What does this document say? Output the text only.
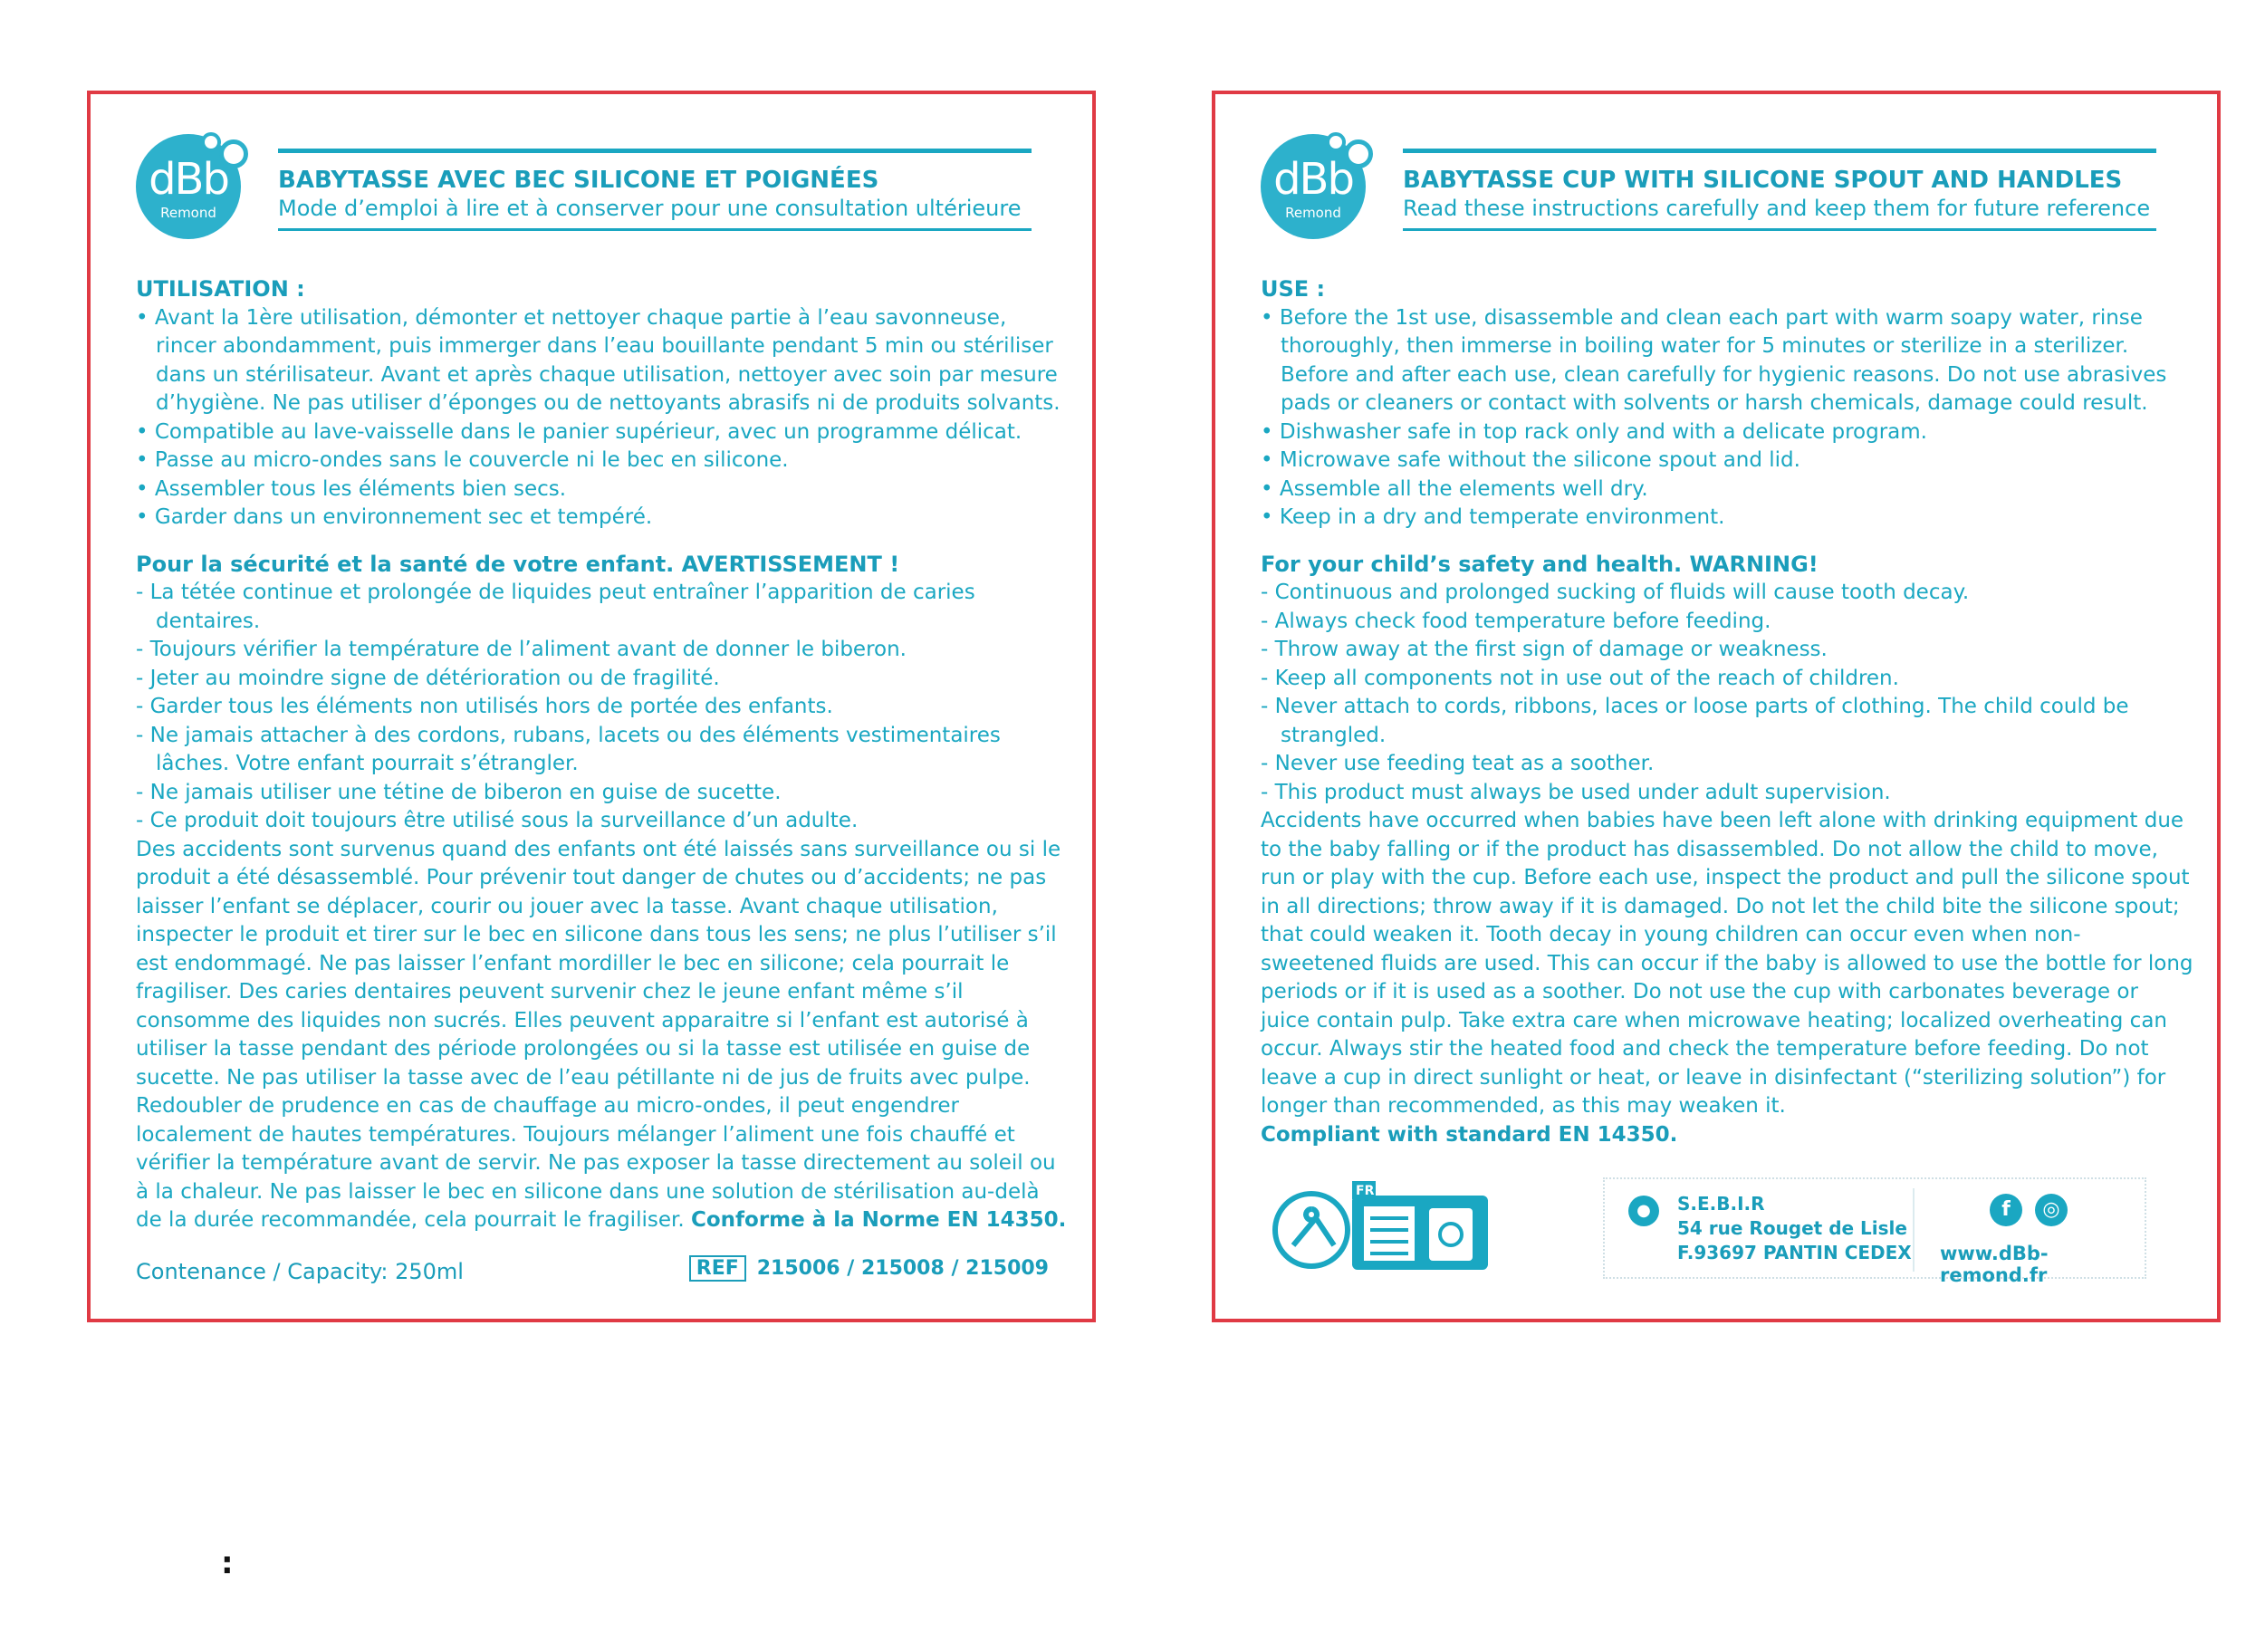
dBb
Remond
BABYTASSE AVEC BEC SILICONE ET POIGNÉES
Mode d’emploi à lire et à conserver pour une consultation ultérieure
UTILISATION :
• Avant la 1ère utilisation, démonter et nettoyer chaque partie à l’eau savonneuse, rincer abondamment, puis immerger dans l’eau bouillante pendant 5 min ou stériliser dans un stérilisateur. Avant et après chaque utilisation, nettoyer avec soin par mesure d’hygiène. Ne pas utiliser d’éponges ou de nettoyants abrasifs ni de produits solvants.
• Compatible au lave-vaisselle dans le panier supérieur, avec un programme délicat.
• Passe au micro-ondes sans le couvercle ni le bec en silicone.
• Assembler tous les éléments bien secs.
• Garder dans un environnement sec et tempéré.
Pour la sécurité et la santé de votre enfant. AVERTISSEMENT !
- La tétée continue et prolongée de liquides peut entraîner l’apparition de caries dentaires.
- Toujours vérifier la température de l’aliment avant de donner le biberon.
- Jeter au moindre signe de détérioration ou de fragilité.
- Garder tous les éléments non utilisés hors de portée des enfants.
- Ne jamais attacher à des cordons, rubans, lacets ou des éléments vestimentaires lâches. Votre enfant pourrait s’étrangler.
- Ne jamais utiliser une tétine de biberon en guise de sucette.
- Ce produit doit toujours être utilisé sous la surveillance d’un adulte.

Des accidents sont survenus quand des enfants ont été laissés sans surveillance ou si le produit a été désassemblé. Pour prévenir tout danger de chutes ou d’accidents; ne pas laisser l’enfant se déplacer, courir ou jouer avec la tasse. Avant chaque utilisation, inspecter le produit et tirer sur le bec en silicone dans tous les sens; ne plus l’utiliser s’il est endommagé. Ne pas laisser l’enfant mordiller le bec en silicone; cela pourrait le fragiliser. Des caries dentaires peuvent survenir chez le jeune enfant même s’il consomme des liquides non sucrés. Elles peuvent apparaitre si l’enfant est autorisé à utiliser la tasse pendant des période prolongées ou si la tasse est utilisée en guise de sucette. Ne pas utiliser la tasse avec de l’eau pétillante ni de jus de fruits avec pulpe. Redoubler de prudence en cas de chauffage au micro-ondes, il peut engendrer localement de hautes températures. Toujours mélanger l’aliment une fois chauffé et vérifier la température avant de servir. Ne pas exposer la tasse directement au soleil ou à la chaleur. Ne pas laisser le bec en silicone dans une solution de stérilisation au-delà de la durée recommandée, cela pourrait le fragiliser. Conforme à la Norme EN 14350.

Contenance / Capacity: 250ml	REF 215006 / 215008 / 215009
dBb
Remond
BABYTASSE CUP WITH SILICONE SPOUT AND HANDLES
Read these instructions carefully and keep them for future reference
USE :
• Before the 1st use, disassemble and clean each part with warm soapy water, rinse thoroughly, then immerse in boiling water for 5 minutes or sterilize in a sterilizer. Before and after each use, clean carefully for hygienic reasons. Do not use abrasives pads or cleaners or contact with solvents or harsh chemicals, damage could result.
• Dishwasher safe in top rack only and with a delicate program.
• Microwave safe without the silicone spout and lid.
• Assemble all the elements well dry.
• Keep in a dry and temperate environment.
For your child’s safety and health. WARNING!
- Continuous and prolonged sucking of fluids will cause tooth decay.
- Always check food temperature before feeding.
- Throw away at the first sign of damage or weakness.
- Keep all components not in use out of the reach of children.
- Never attach to cords, ribbons, laces or loose parts of clothing. The child could be strangled.
- Never use feeding teat as a soother.
- This product must always be used under adult supervision.

Accidents have occurred when babies have been left alone with drinking equipment due to the baby falling or if the product has disassembled. Do not allow the child to move, run or play with the cup. Before each use, inspect the product and pull the silicone spout in all directions; throw away if it is damaged. Do not let the child bite the silicone spout; that could weaken it. Tooth decay in young children can occur even when non-sweetened fluids are used. This can occur if the baby is allowed to use the bottle for long periods or if it is used as a soother. Do not use the cup with carbonates beverage or juice contain pulp. Take extra care when microwave heating; localized overheating can occur. Always stir the heated food and check the temperature before feeding. Do not leave a cup in direct sunlight or heat, or leave in disinfectant (“sterilizing solution”) for longer than recommended, as this may weaken it.

Compliant with standard EN 14350.

FR
●	S.E.B.I.R
54 rue Rouget de Lisle
F.93697 PANTIN CEDEX
f	◎
www.dBb-remond.fr
:
